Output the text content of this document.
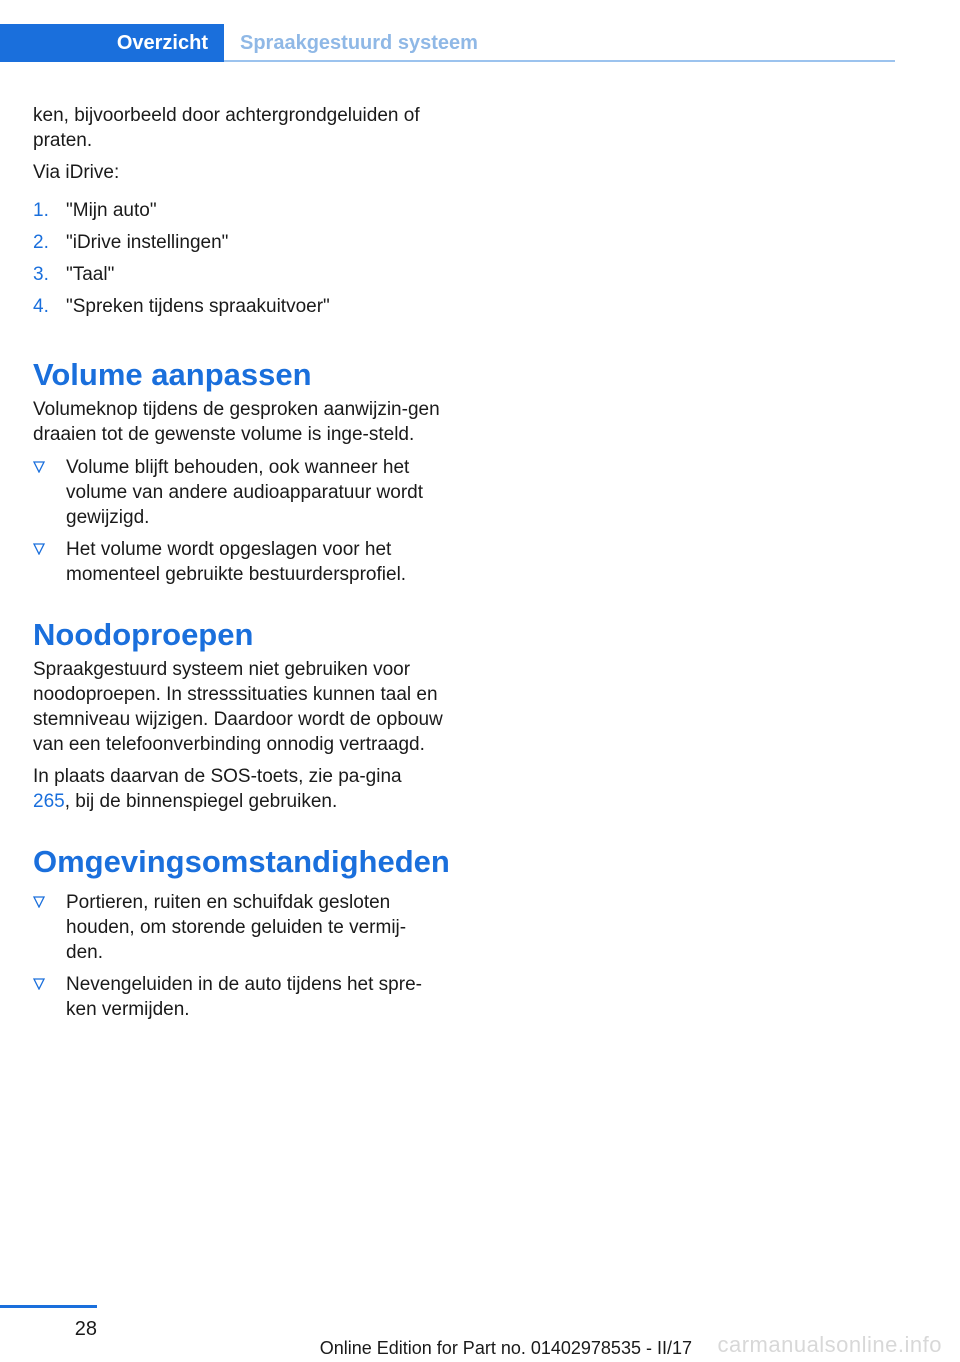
Overzicht	Spraakgestuurd systeem

ken, bijvoorbeeld door achtergrondgeluiden of praten.

Via iDrive:

1. "Mijn auto"
2. "iDrive instellingen"
3. "Taal"
4. "Spreken tijdens spraakuitvoer"
Volume aanpassen

Volumeknop tijdens de gesproken aanwijzin-gen draaien tot de gewenste volume is inge-steld.

Volume blijft behouden, ook wanneer het volume van andere audioapparatuur wordt gewijzigd.
Het volume wordt opgeslagen voor het momenteel gebruikte bestuurdersprofiel.
Noodoproepen

Spraakgestuurd systeem niet gebruiken voor noodoproepen. In stresssituaties kunnen taal en stemniveau wijzigen. Daardoor wordt de opbouw van een telefoonverbinding onnodig vertraagd.

In plaats daarvan de SOS-toets, zie pa-gina 265, bij de binnenspiegel gebruiken.

Omgevingsomstandigheden
Portieren, ruiten en schuifdak gesloten houden, om storende geluiden te vermij-den.
Nevengeluiden in de auto tijdens het spre-ken vermijden.
28
Online Edition for Part no. 01402978535 - II/17 carmanualsonline.info
